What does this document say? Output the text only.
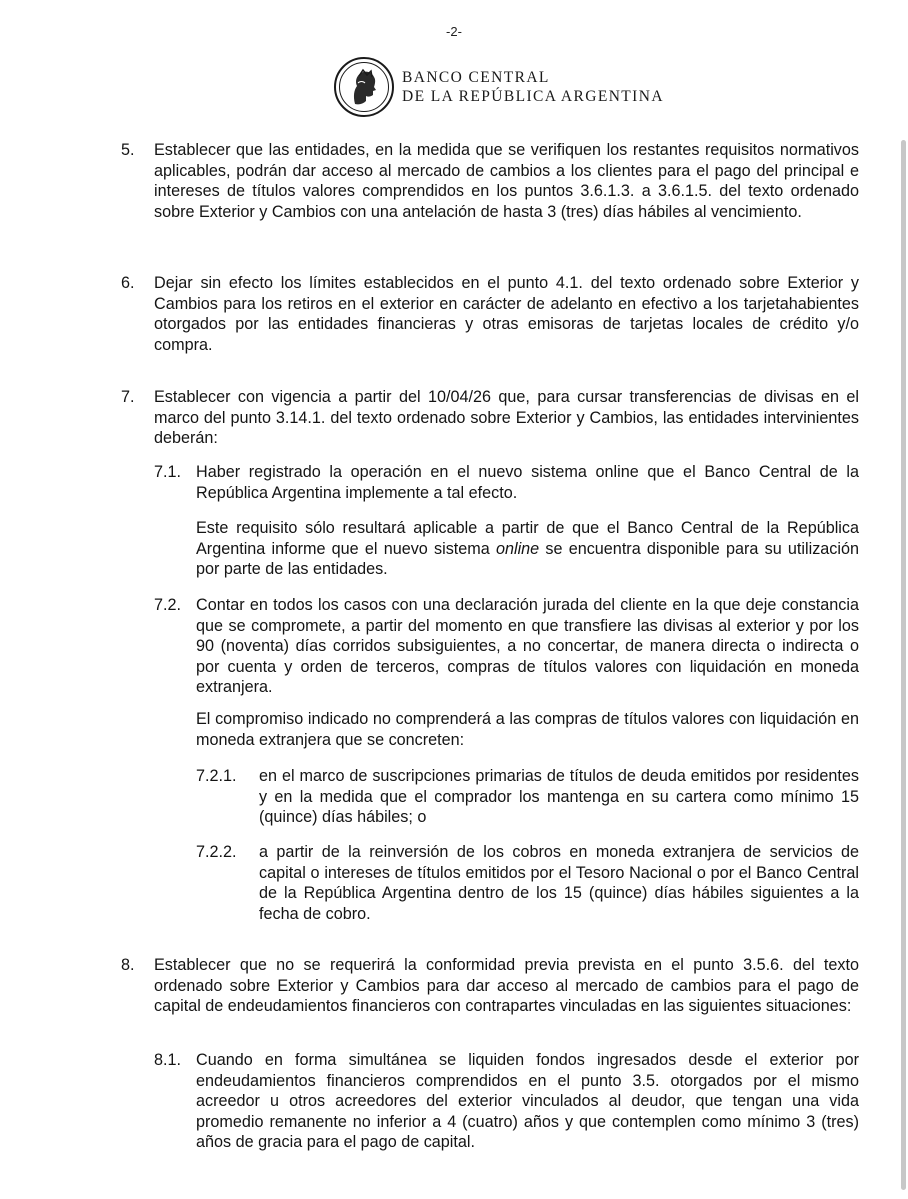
-2-
BANCO CENTRAL
DE LA REPÚBLICA ARGENTINA
5. Establecer que las entidades, en la medida que se verifiquen los restantes requisitos normativos aplicables, podrán dar acceso al mercado de cambios a los clientes para el pago del principal e intereses de títulos valores comprendidos en los puntos 3.6.1.3. a 3.6.1.5. del texto ordenado sobre Exterior y Cambios con una antelación de hasta 3 (tres) días hábiles al vencimiento.
6. Dejar sin efecto los límites establecidos en el punto 4.1. del texto ordenado sobre Exterior y Cambios para los retiros en el exterior en carácter de adelanto en efectivo a los tarjetahabientes otorgados por las entidades financieras y otras emisoras de tarjetas locales de crédito y/o compra.
7. Establecer con vigencia a partir del 10/04/26 que, para cursar transferencias de divisas en el marco del punto 3.14.1. del texto ordenado sobre Exterior y Cambios, las entidades intervinientes deberán:
7.1. Haber registrado la operación en el nuevo sistema online que el Banco Central de la República Argentina implemente a tal efecto.
Este requisito sólo resultará aplicable a partir de que el Banco Central de la República Argentina informe que el nuevo sistema online se encuentra disponible para su utilización por parte de las entidades.
7.2. Contar en todos los casos con una declaración jurada del cliente en la que deje constancia que se compromete, a partir del momento en que transfiere las divisas al exterior y por los 90 (noventa) días corridos subsiguientes, a no concertar, de manera directa o indirecta o por cuenta y orden de terceros, compras de títulos valores con liquidación en moneda extranjera.
El compromiso indicado no comprenderá a las compras de títulos valores con liquidación en moneda extranjera que se concreten:
7.2.1. en el marco de suscripciones primarias de títulos de deuda emitidos por residentes y en la medida que el comprador los mantenga en su cartera como mínimo 15 (quince) días hábiles; o
7.2.2. a partir de la reinversión de los cobros en moneda extranjera de servicios de capital o intereses de títulos emitidos por el Tesoro Nacional o por el Banco Central de la República Argentina dentro de los 15 (quince) días hábiles siguientes a la fecha de cobro.
8. Establecer que no se requerirá la conformidad previa prevista en el punto 3.5.6. del texto ordenado sobre Exterior y Cambios para dar acceso al mercado de cambios para el pago de capital de endeudamientos financieros con contrapartes vinculadas en las siguientes situaciones:
8.1. Cuando en forma simultánea se liquiden fondos ingresados desde el exterior por endeudamientos financieros comprendidos en el punto 3.5. otorgados por el mismo acreedor u otros acreedores del exterior vinculados al deudor, que tengan una vida promedio remanente no inferior a 4 (cuatro) años y que contemplen como mínimo 3 (tres) años de gracia para el pago de capital.
